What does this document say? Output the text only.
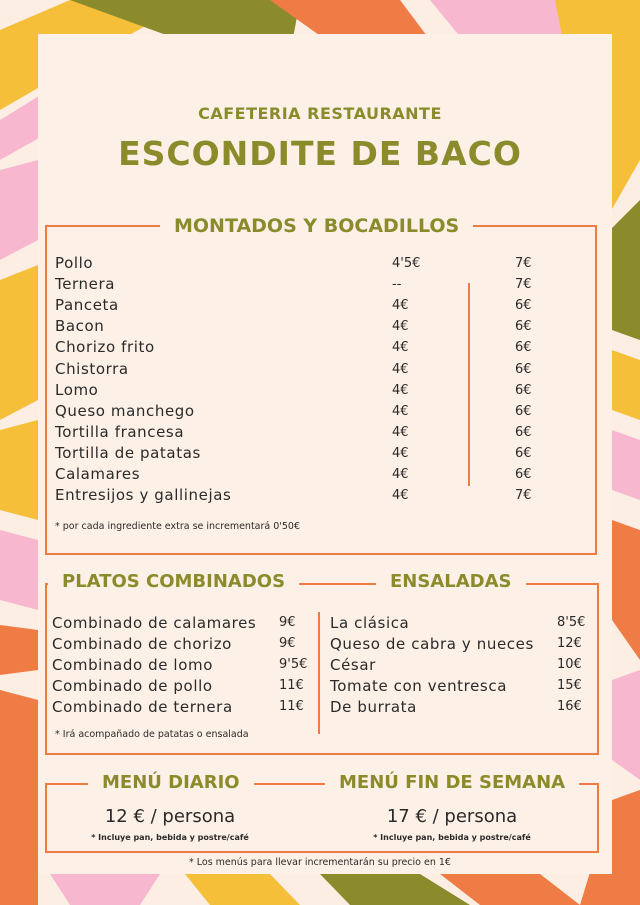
CAFETERIA RESTAURANTE
ESCONDITE DE BACO
MONTADOS Y BOCADILLOS
Pollo	4'5€	7€
Ternera	--	7€
Panceta	4€	6€
Bacon	4€	6€
Chorizo frito	4€	6€
Chistorra	4€	6€
Lomo	4€	6€
Queso manchego	4€	6€
Tortilla francesa	4€	6€
Tortilla de patatas	4€	6€
Calamares	4€	6€
Entresijos y gallinejas	4€	7€
* por cada ingrediente extra se incrementará 0'50€
PLATOS COMBINADOS	ENSALADAS
Combinado de calamares 9€
Combinado de chorizo	9€
Combinado de lomo	9'5€
Combinado de pollo	11€
Combinado de ternera	11€
La clásica	8'5€
Queso de cabra y nueces 12€
César	10€
Tomate con ventresca	15€
De burrata	16€
* Irá acompañado de patatas o ensalada
MENÚ DIARIO	MENÚ FIN DE SEMANA
12 € / persona
* Incluye pan, bebida y postre/café
17 € / persona
* Incluye pan, bebida y postre/café
* Los menús para llevar incrementarán su precio en 1€
